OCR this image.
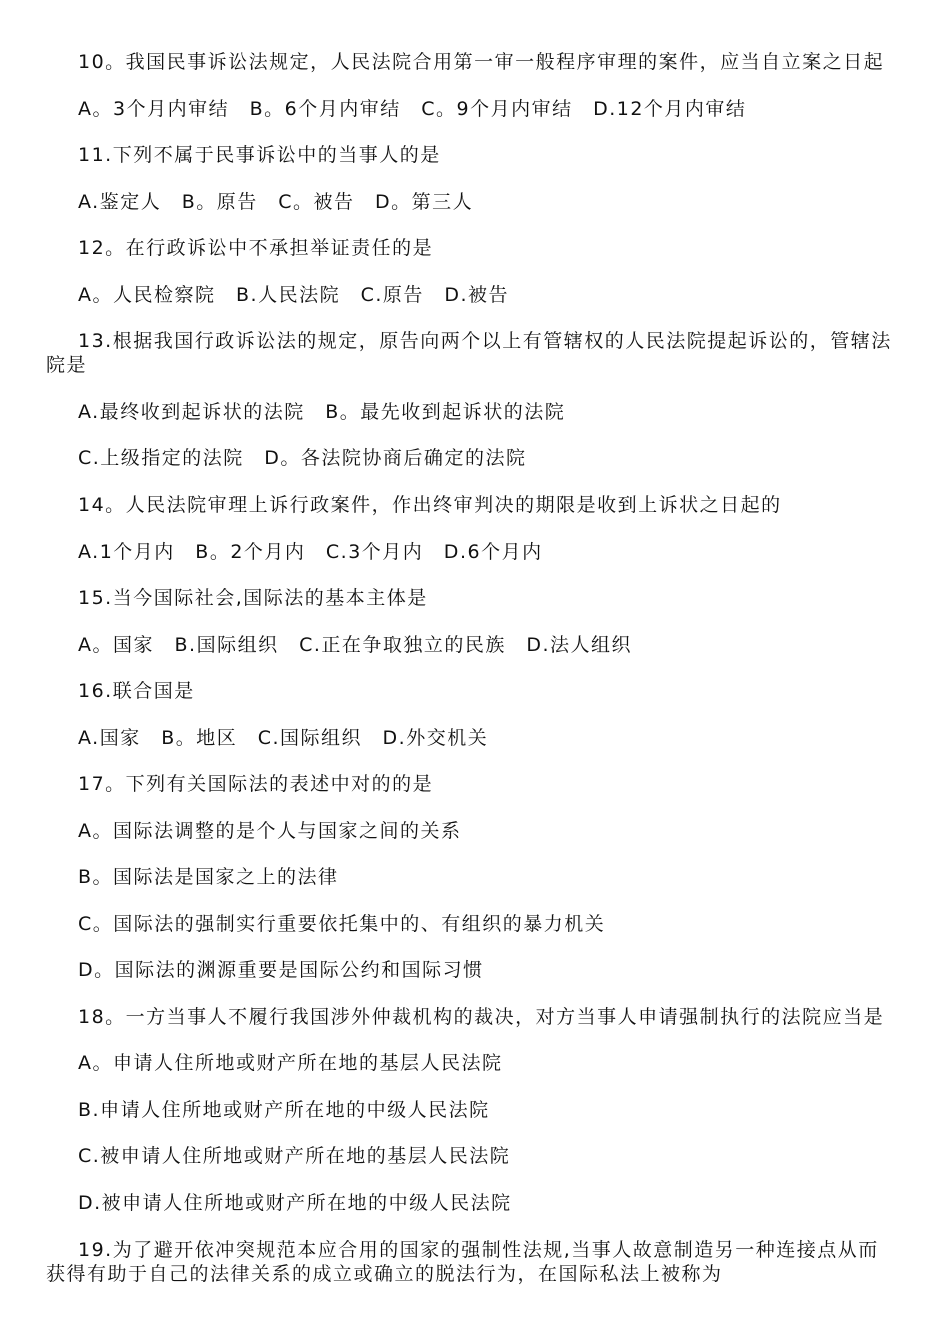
10。我国民事诉讼法规定，人民法院合用第一审一般程序审理的案件，应当自立案之日起
A。3个月内审结　B。6个月内审结　C。9个月内审结　D.12个月内审结
11.下列不属于民事诉讼中的当事人的是
A.鉴定人　B。原告　C。被告　D。第三人
12。在行政诉讼中不承担举证责任的是
A。人民检察院　B.人民法院　C.原告　D.被告
13.根据我国行政诉讼法的规定，原告向两个以上有管辖权的人民法院提起诉讼的，管辖法
院是
A.最终收到起诉状的法院　B。最先收到起诉状的法院
C.上级指定的法院　D。各法院协商后确定的法院
14。人民法院审理上诉行政案件，作出终审判决的期限是收到上诉状之日起的
A.1个月内　B。2个月内　C.3个月内　D.6个月内
15.当今国际社会,国际法的基本主体是
A。国家　B.国际组织　C.正在争取独立的民族　D.法人组织
16.联合国是
A.国家　B。地区　C.国际组织　D.外交机关
17。下列有关国际法的表述中对的的是
A。国际法调整的是个人与国家之间的关系
B。国际法是国家之上的法律
C。国际法的强制实行重要依托集中的、有组织的暴力机关
D。国际法的渊源重要是国际公约和国际习惯
18。一方当事人不履行我国涉外仲裁机构的裁决，对方当事人申请强制执行的法院应当是
A。申请人住所地或财产所在地的基层人民法院
B.申请人住所地或财产所在地的中级人民法院
C.被申请人住所地或财产所在地的基层人民法院
D.被申请人住所地或财产所在地的中级人民法院
19.为了避开依冲突规范本应合用的国家的强制性法规,当事人故意制造另一种连接点从而
获得有助于自己的法律关系的成立或确立的脱法行为，在国际私法上被称为
